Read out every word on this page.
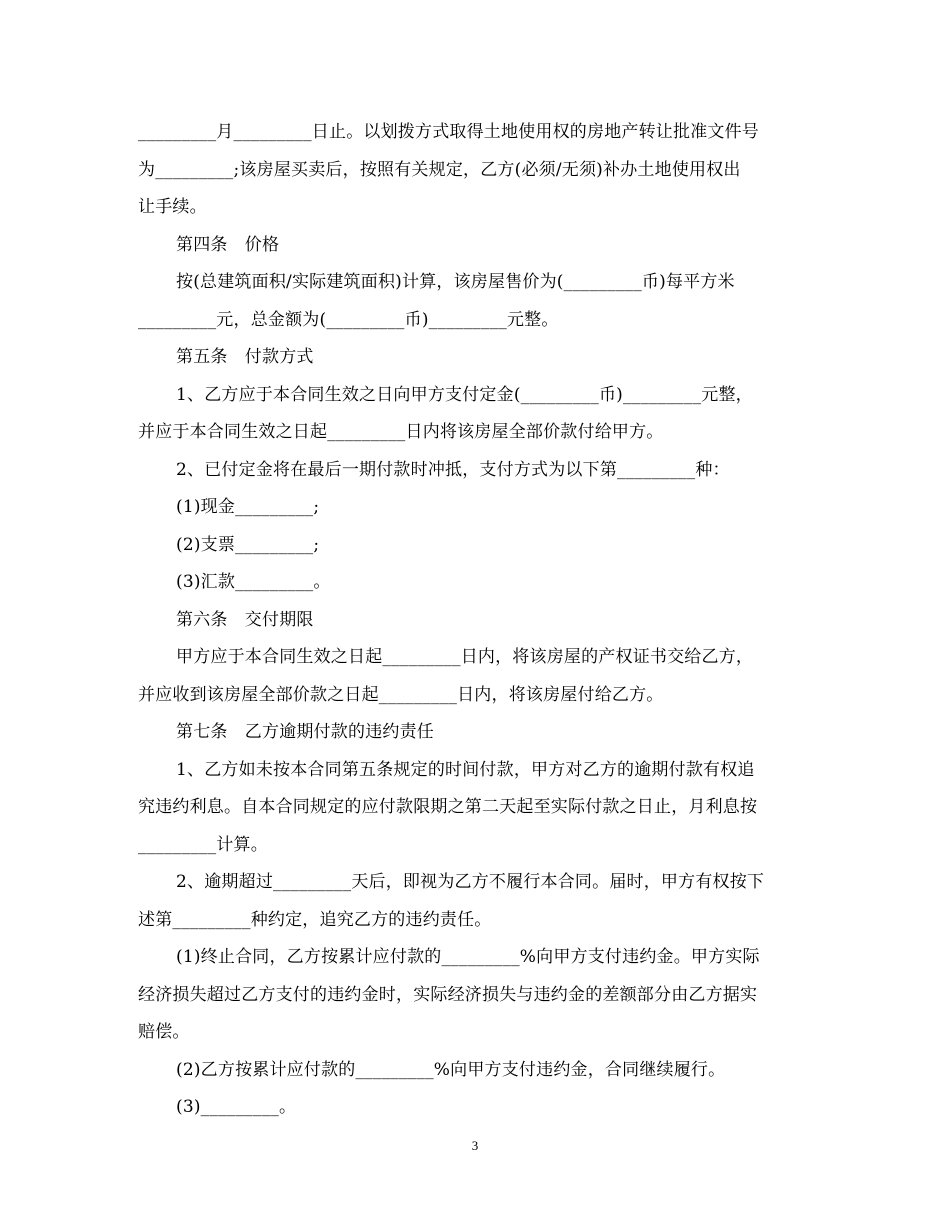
_________月_________日止。以划拨方式取得土地使用权的房地产转让批准文件号
为_________;该房屋买卖后，按照有关规定，乙方(必须/无须)补办土地使用权出
让手续。
第四条　价格
按(总建筑面积/实际建筑面积)计算，该房屋售价为(_________币)每平方米
_________元，总金额为(_________币)_________元整。
第五条　付款方式
1、乙方应于本合同生效之日向甲方支付定金(_________币)_________元整，
并应于本合同生效之日起_________日内将该房屋全部价款付给甲方。
2、已付定金将在最后一期付款时冲抵，支付方式为以下第_________种：
(1)现金_________;
(2)支票_________;
(3)汇款_________。
第六条　交付期限
甲方应于本合同生效之日起_________日内，将该房屋的产权证书交给乙方，
并应收到该房屋全部价款之日起_________日内，将该房屋付给乙方。
第七条　乙方逾期付款的违约责任
1、乙方如未按本合同第五条规定的时间付款，甲方对乙方的逾期付款有权追
究违约利息。自本合同规定的应付款限期之第二天起至实际付款之日止，月利息按
_________计算。
2、逾期超过_________天后，即视为乙方不履行本合同。届时，甲方有权按下
述第_________种约定，追究乙方的违约责任。
(1)终止合同，乙方按累计应付款的_________%向甲方支付违约金。甲方实际
经济损失超过乙方支付的违约金时，实际经济损失与违约金的差额部分由乙方据实
赔偿。
(2)乙方按累计应付款的_________%向甲方支付违约金，合同继续履行。
(3)_________。
3
